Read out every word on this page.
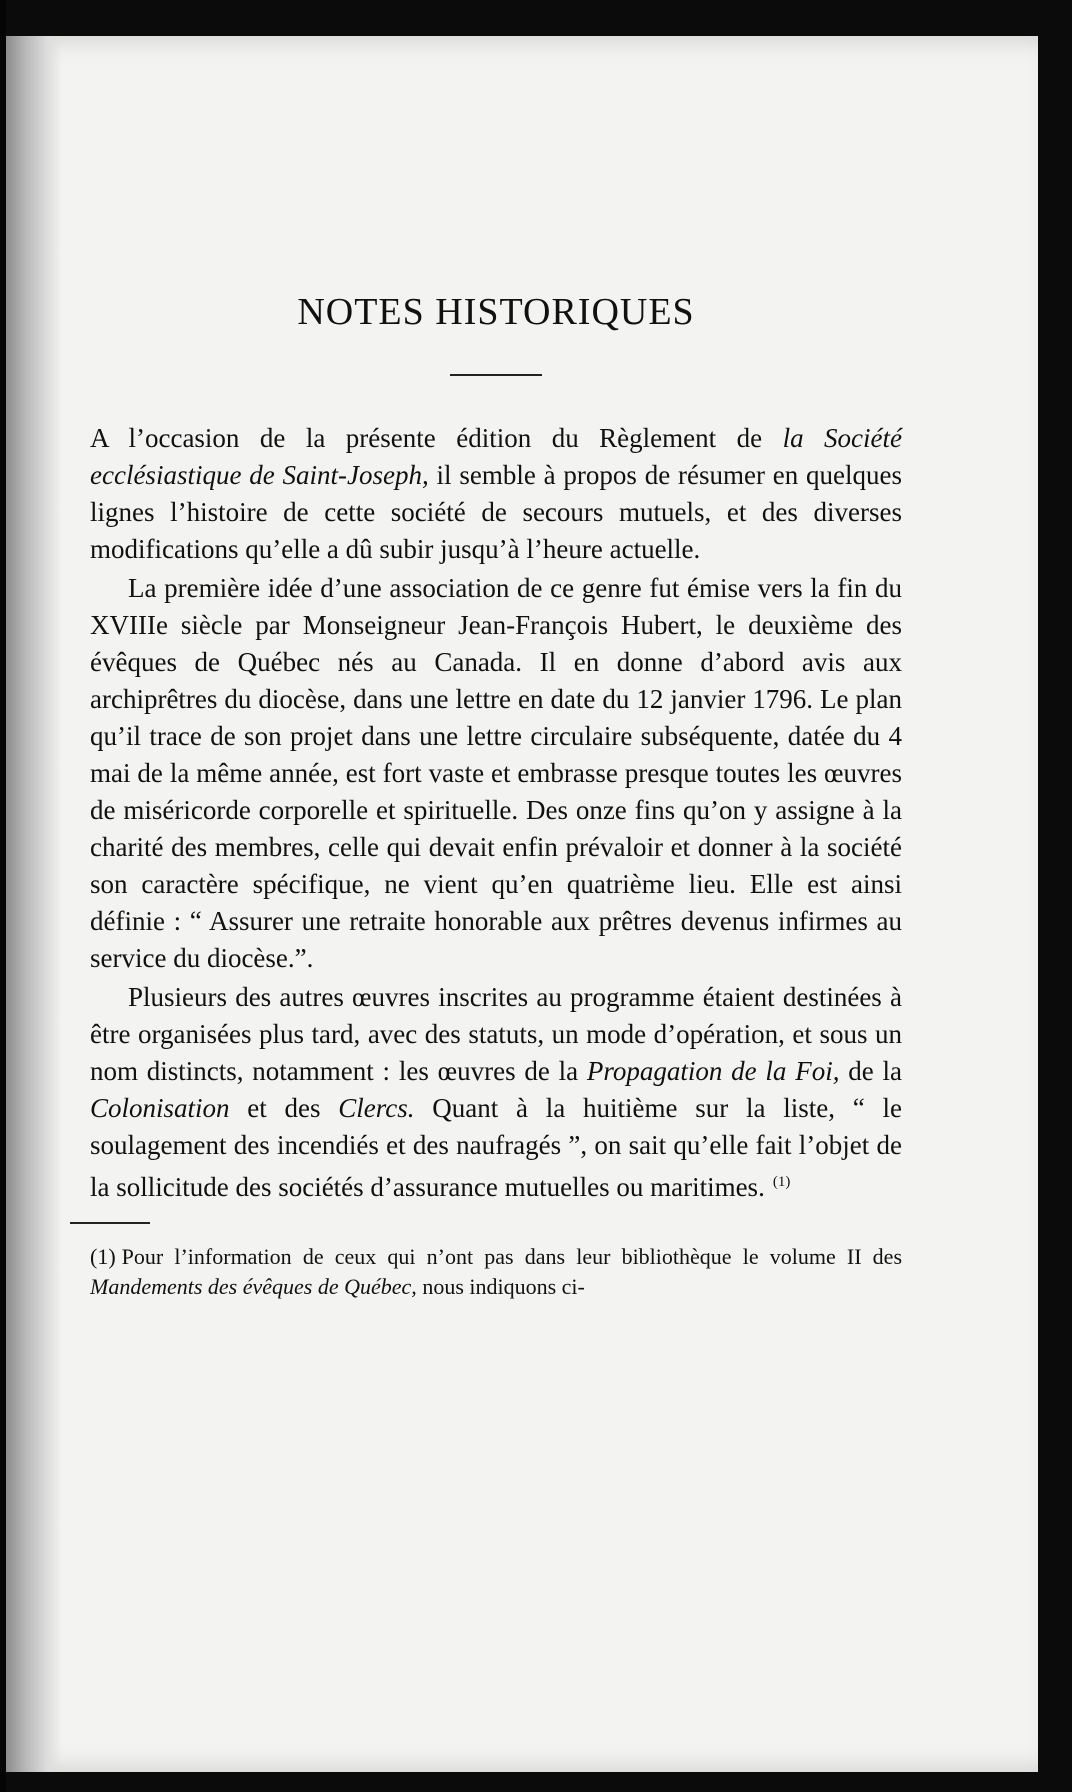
NOTES HISTORIQUES

A l’occasion de la présente édition du Règlement de la Société ecclésiastique de Saint-Joseph, il semble à propos de résumer en quelques lignes l’histoire de cette société de secours mutuels, et des diverses modifications qu’elle a dû subir jusqu’à l’heure actuelle.

La première idée d’une association de ce genre fut émise vers la fin du XVIIIe siècle par Monseigneur Jean-François Hubert, le deuxième des évêques de Québec nés au Canada. Il en donne d’abord avis aux archiprêtres du diocèse, dans une lettre en date du 12 janvier 1796. Le plan qu’il trace de son projet dans une lettre circulaire subséquente, datée du 4 mai de la même année, est fort vaste et embrasse presque toutes les œuvres de miséricorde corporelle et spirituelle. Des onze fins qu’on y assigne à la charité des membres, celle qui devait enfin prévaloir et donner à la société son caractère spécifique, ne vient qu’en quatrième lieu. Elle est ainsi définie : “ Assurer une retraite honorable aux prêtres devenus infirmes au service du diocèse.”.

Plusieurs des autres œuvres inscrites au programme étaient destinées à être organisées plus tard, avec des statuts, un mode d’opération, et sous un nom distincts, notamment : les œuvres de la Propagation de la Foi, de la Colonisation et des Clercs. Quant à la huitième sur la liste, “ le soulagement des incendiés et des naufragés ”, on sait qu’elle fait l’objet de la sollicitude des sociétés d’assurance mutuelles ou maritimes. $^{(1)}$

(1) Pour l’information de ceux qui n’ont pas dans leur bibliothèque le volume II des Mandements des évêques de Québec, nous indiquons ci-
